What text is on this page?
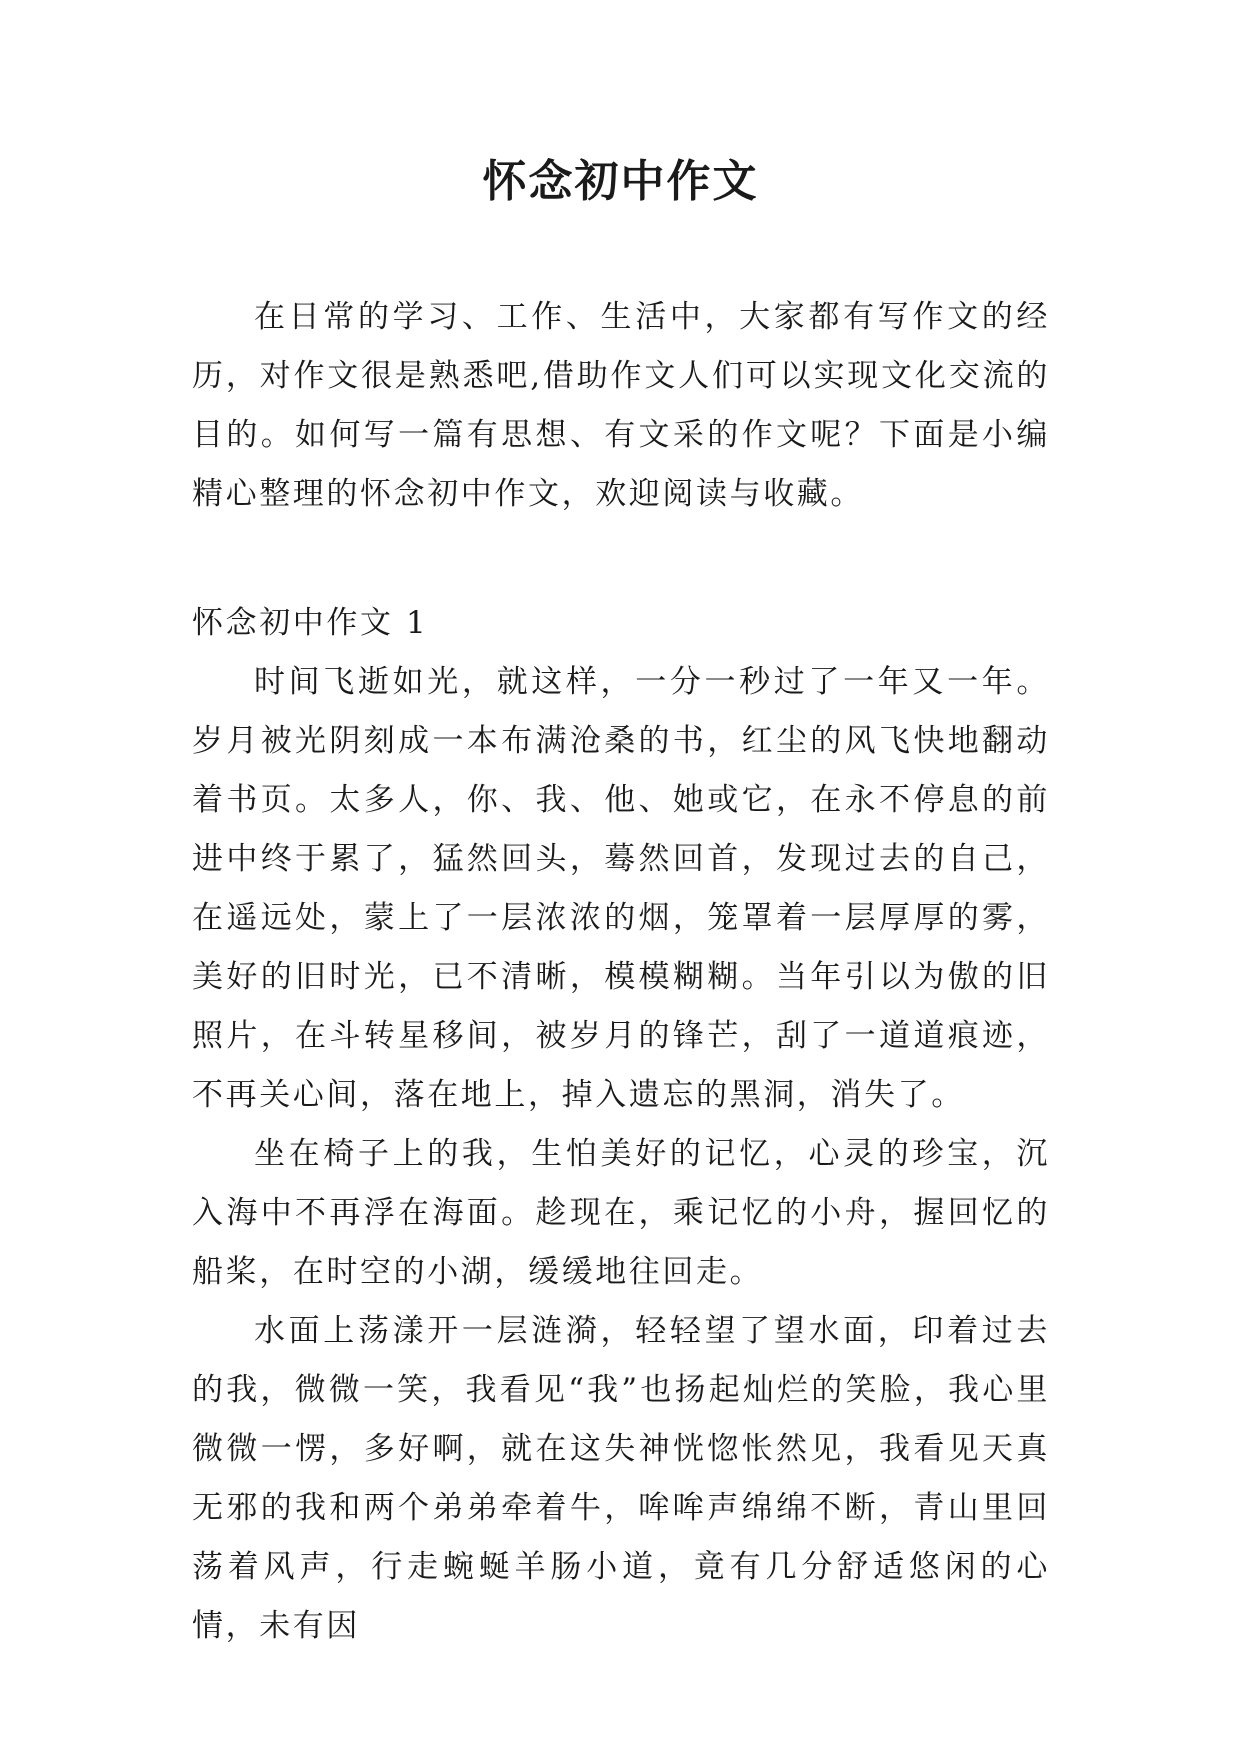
怀念初中作文

在日常的学习、工作、生活中，大家都有写作文的经历，对作文很是熟悉吧,借助作文人们可以实现文化交流的目的。如何写一篇有思想、有文采的作文呢？下面是小编精心整理的怀念初中作文，欢迎阅读与收藏。

怀念初中作文 1

时间飞逝如光，就这样，一分一秒过了一年又一年。岁月被光阴刻成一本布满沧桑的书，红尘的风飞快地翻动着书页。太多人，你、我、他、她或它，在永不停息的前进中终于累了，猛然回头，蓦然回首，发现过去的自己，在遥远处，蒙上了一层浓浓的烟，笼罩着一层厚厚的雾，美好的旧时光，已不清晰，模模糊糊。当年引以为傲的旧照片，在斗转星移间，被岁月的锋芒，刮了一道道痕迹，不再关心间，落在地上，掉入遗忘的黑洞，消失了。

坐在椅子上的我，生怕美好的记忆，心灵的珍宝，沉入海中不再浮在海面。趁现在，乘记忆的小舟，握回忆的船桨，在时空的小湖，缓缓地往回走。

水面上荡漾开一层涟漪，轻轻望了望水面，印着过去的我，微微一笑，我看见“我”也扬起灿烂的笑脸，我心里微微一愣，多好啊，就在这失神恍惚怅然见，我看见天真无邪的我和两个弟弟牵着牛，哞哞声绵绵不断，青山里回荡着风声，行走蜿蜒羊肠小道，竟有几分舒适悠闲的心情，未有因
